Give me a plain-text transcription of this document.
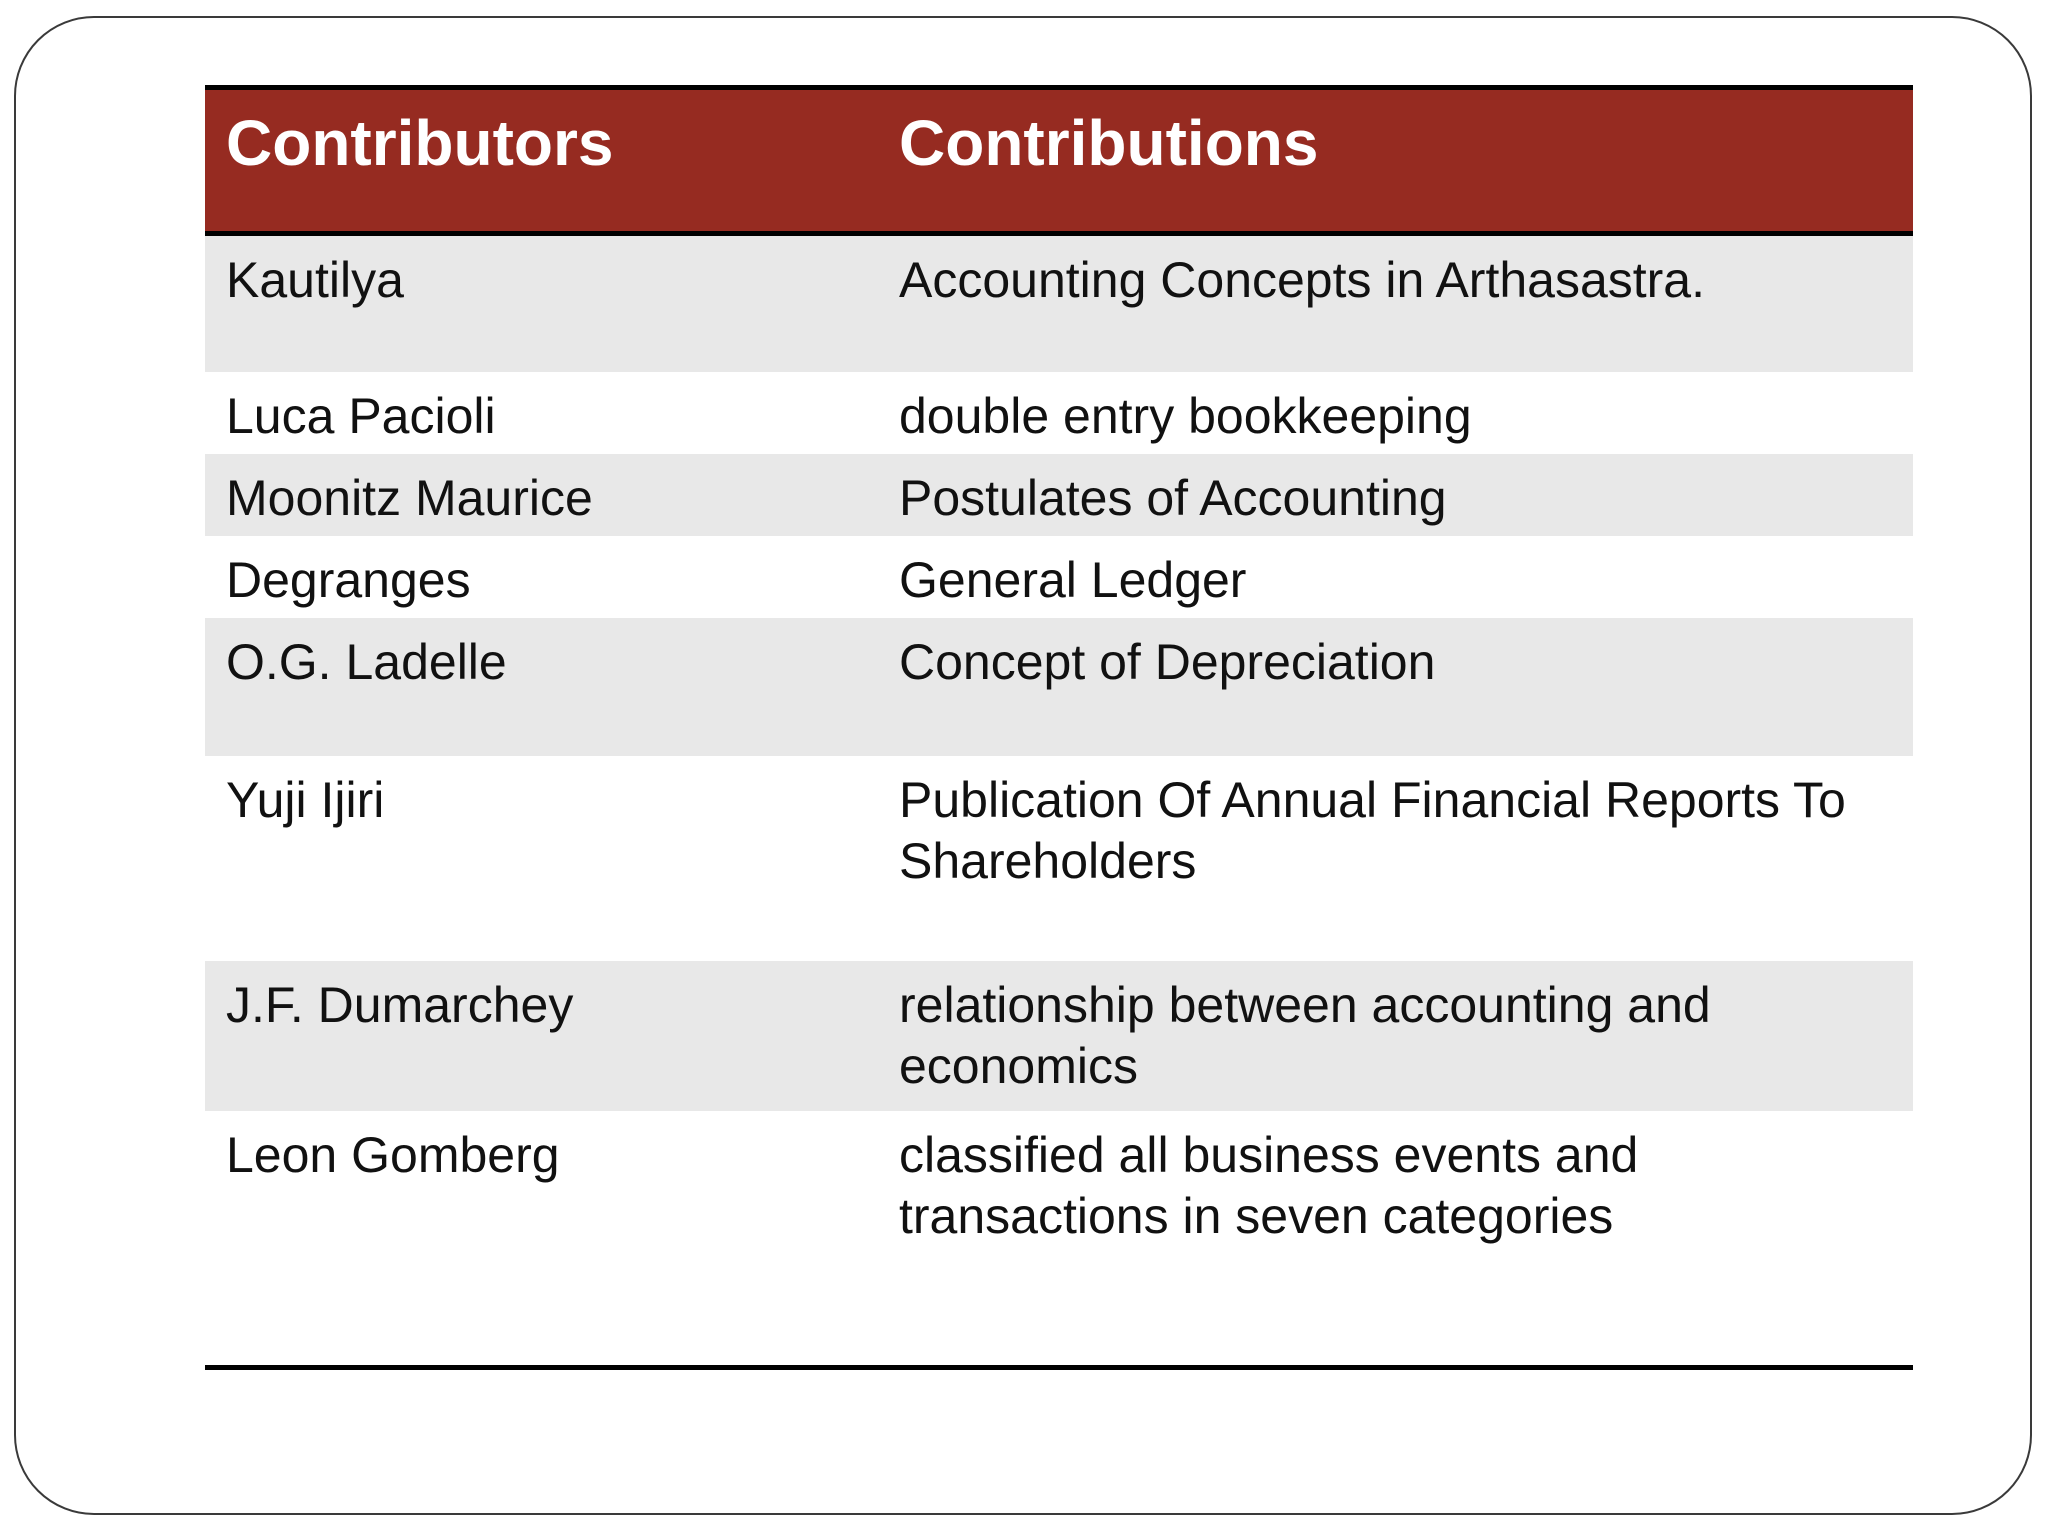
Contributors	Contributions
Kautilya	Accounting Concepts in Arthasastra.
Luca Pacioli	double entry bookkeeping
Moonitz Maurice	Postulates of Accounting
Degranges	General Ledger
O.G. Ladelle	Concept of Depreciation
Yuji Ijiri	Publication Of Annual Financial Reports To Shareholders
J.F. Dumarchey	relationship between accounting and economics
Leon Gomberg	classified all business events and transactions in seven categories
